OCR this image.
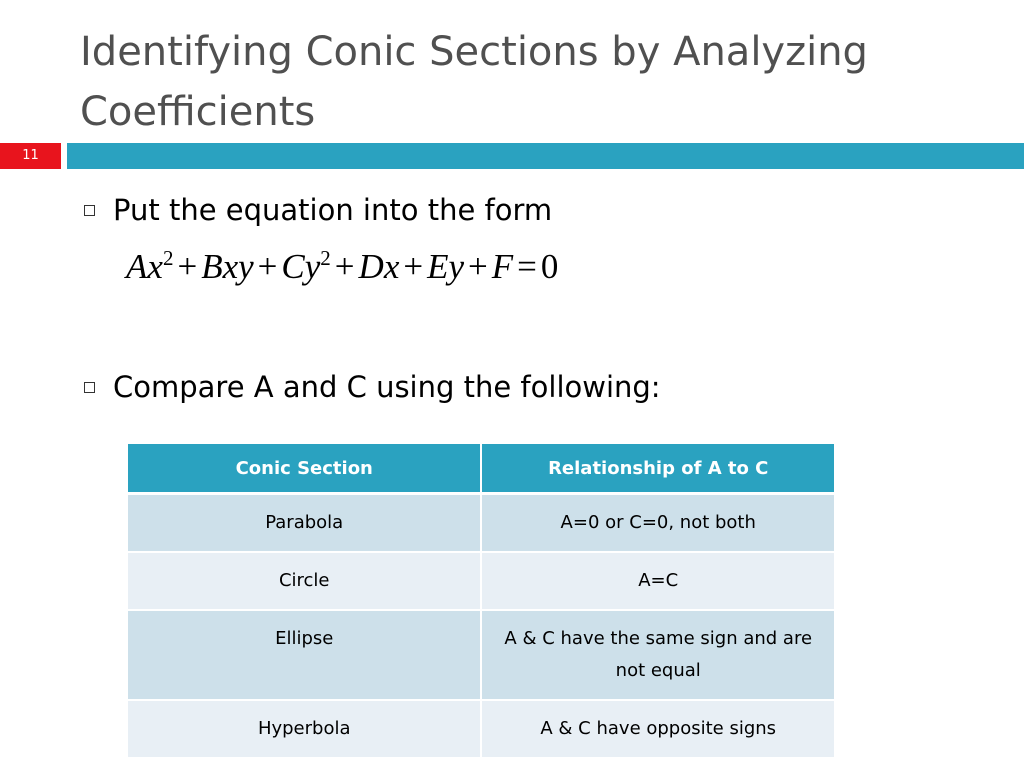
Identifying Conic Sections by Analyzing Coefficients
11
Put the equation into the form
$Ax^2$ + Bxy + $Cy^2 + Dx + Ey + F = 0$
Compare A and C using the following:
Conic Section	Relationship of A to C
Parabola	A=0 or C=0, not both
Circle	A=C
Ellipse	A & C have the same sign and are not equal
Hyperbola	A & C have opposite signs
